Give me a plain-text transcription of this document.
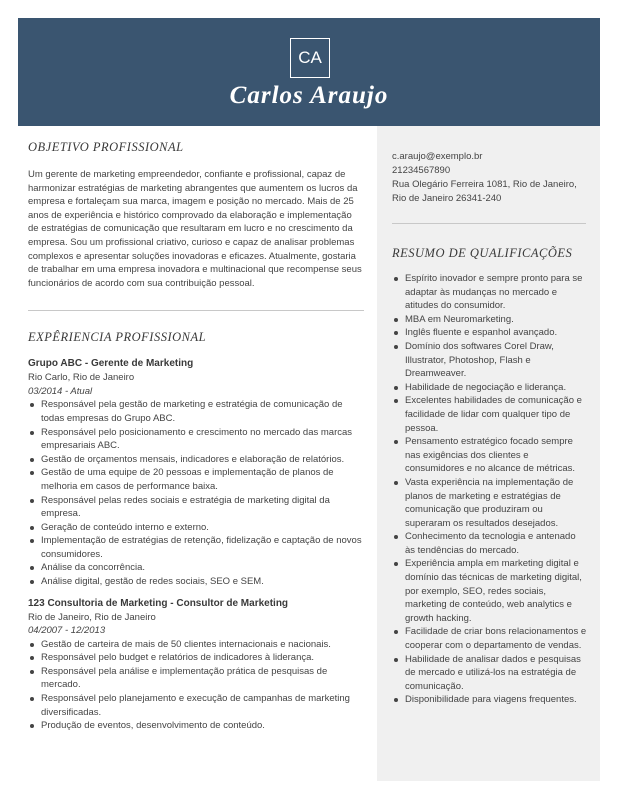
CA
Carlos Araujo
OBJETIVO PROFISSIONAL

Um gerente de marketing empreendedor, confiante e profissional, capaz de harmonizar estratégias de marketing abrangentes que aumentem os lucros da empresa e fortaleçam sua marca, imagem e posição no mercado. Mais de 25 anos de experiência e histórico comprovado da elaboração e implementação de estratégias de comunicação que resultaram em lucro e no crescimento da empresa. Sou um profissional criativo, curioso e capaz de analisar problemas complexos e apresentar soluções inovadoras e eficazes. Atualmente, gostaria de trabalhar em uma empresa inovadora e multinacional que recompense seus funcionários de acordo com sua contribuição pessoal.

EXPÊRIENCIA PROFISSIONAL
Grupo ABC - Gerente de Marketing
Rio Carlo, Rio de Janeiro
03/2014 - Atual
Responsável pela gestão de marketing e estratégia de comunicação de todas empresas do Grupo ABC.
Responsável pelo posicionamento e crescimento no mercado das marcas empresariais ABC.
Gestão de orçamentos mensais, indicadores e elaboração de relatórios.
Gestão de uma equipe de 20 pessoas e implementação de planos de melhoria em casos de performance baixa.
Responsável pelas redes sociais e estratégia de marketing digital da empresa.
Geração de conteúdo interno e externo.
Implementação de estratégias de retenção, fidelização e captação de novos consumidores.
Análise da concorrência.
Análise digital, gestão de redes sociais, SEO e SEM.
123 Consultoria de Marketing - Consultor de Marketing
Rio de Janeiro, Rio de Janeiro
04/2007 - 12/2013
Gestão de carteira de mais de 50 clientes internacionais e nacionais.
Responsável pelo budget e relatórios de indicadores à liderança.
Responsável pela análise e implementação prática de pesquisas de mercado.
Responsável pelo planejamento e execução de campanhas de marketing diversificadas.
Produção de eventos, desenvolvimento de conteúdo.
c.araujo@exemplo.br
21234567890
Rua Olegário Ferreira 1081, Rio de Janeiro,
Rio de Janeiro 26341-240
RESUMO DE QUALIFICAÇÕES
Espírito inovador e sempre pronto para se adaptar às mudanças no mercado e atitudes do consumidor.
MBA em Neuromarketing.
Inglês fluente e espanhol avançado.
Domínio dos softwares Corel Draw, Illustrator, Photoshop, Flash e Dreamweaver.
Habilidade de negociação e liderança.
Excelentes habilidades de comunicação e facilidade de lidar com qualquer tipo de pessoa.
Pensamento estratégico focado sempre nas exigências dos clientes e consumidores e no alcance de métricas.
Vasta experiência na implementação de planos de marketing e estratégias de comunicação que produziram ou superaram os resultados desejados.
Conhecimento da tecnologia e antenado às tendências do mercado.
Experiência ampla em marketing digital e domínio das técnicas de marketing digital, por exemplo, SEO, redes sociais, marketing de conteúdo, web analytics e growth hacking.
Facilidade de criar bons relacionamentos e cooperar com o departamento de vendas.
Habilidade de analisar dados e pesquisas de mercado e utilizá-los na estratégia de comunicação.
Disponibilidade para viagens frequentes.
